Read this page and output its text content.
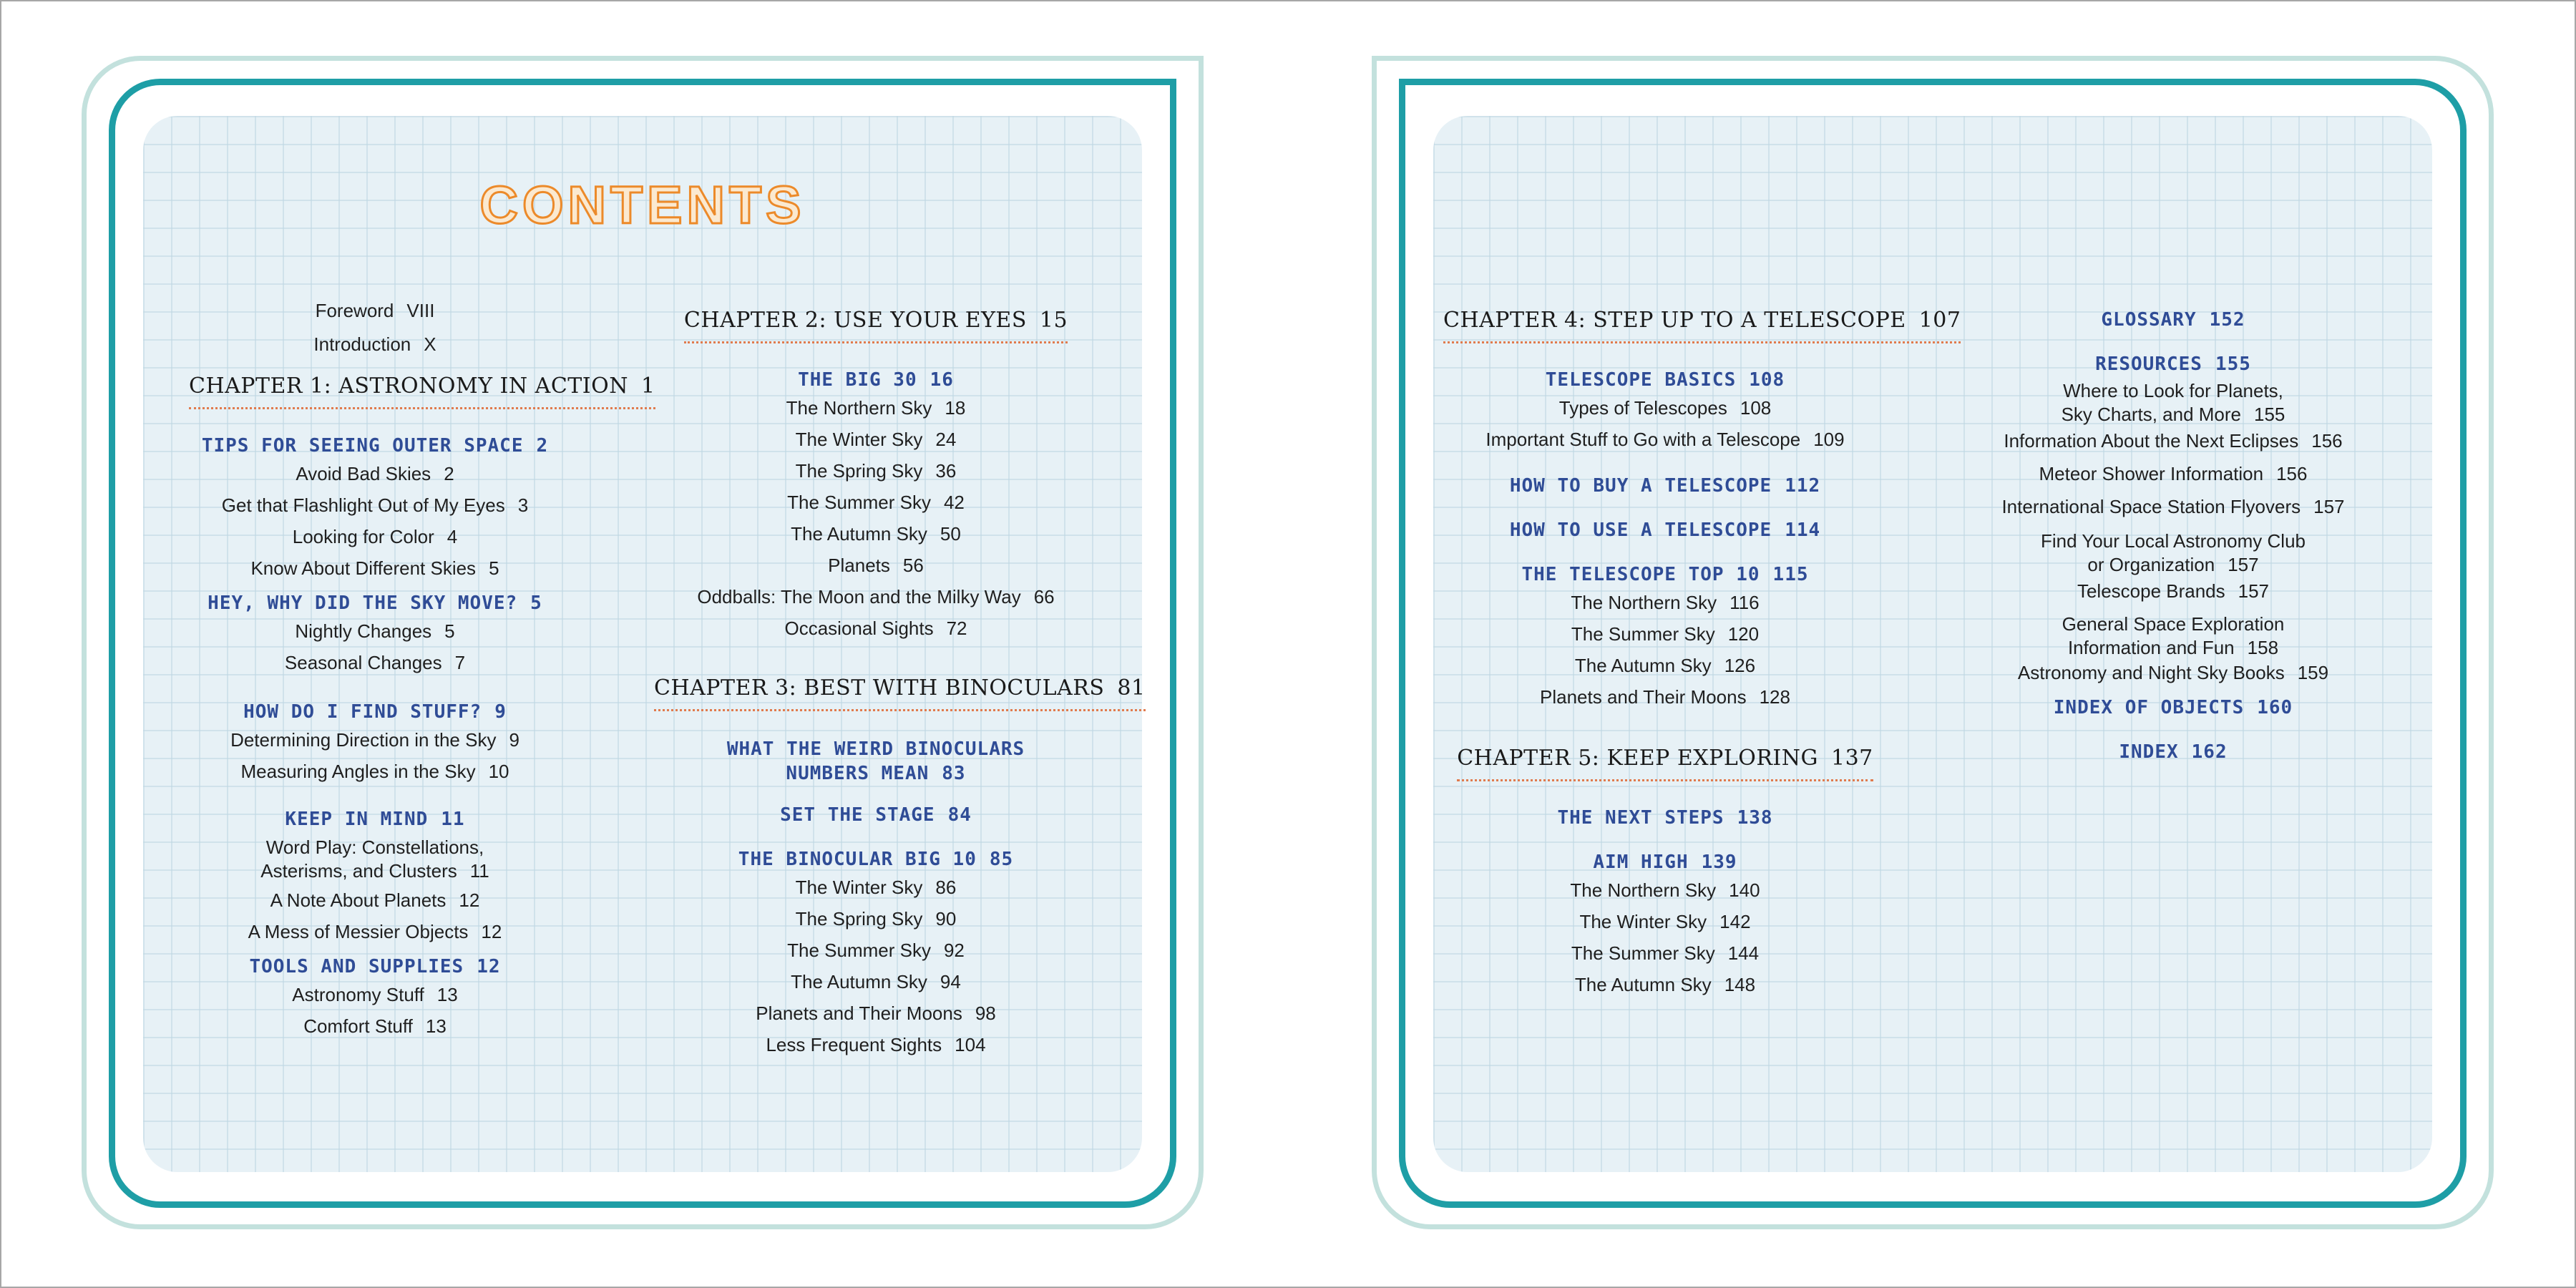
CONTENTS
Foreword VIII
Introduction X
CHAPTER 1: ASTRONOMY IN ACTION 1
TIPS FOR SEEING OUTER SPACE 2
Avoid Bad Skies 2
Get that Flashlight Out of My Eyes 3
Looking for Color 4
Know About Different Skies 5
HEY, WHY DID THE SKY MOVE? 5
Nightly Changes 5
Seasonal Changes 7
HOW DO I FIND STUFF? 9
Determining Direction in the Sky 9
Measuring Angles in the Sky 10
KEEP IN MIND 11
Word Play: Constellations,
Asterisms, and Clusters 11
A Note About Planets 12
A Mess of Messier Objects 12
TOOLS AND SUPPLIES 12
Astronomy Stuff 13
Comfort Stuff 13
CHAPTER 2: USE YOUR EYES 15
THE BIG 30 16
The Northern Sky 18
The Winter Sky 24
The Spring Sky 36
The Summer Sky 42
The Autumn Sky 50
Planets 56
Oddballs: The Moon and the Milky Way 66
Occasional Sights 72
CHAPTER 3: BEST WITH BINOCULARS 81
WHAT THE WEIRD BINOCULARS
NUMBERS MEAN 83
SET THE STAGE 84
THE BINOCULAR BIG 10 85
The Winter Sky 86
The Spring Sky 90
The Summer Sky 92
The Autumn Sky 94
Planets and Their Moons 98
Less Frequent Sights 104
CHAPTER 4: STEP UP TO A TELESCOPE 107
TELESCOPE BASICS 108
Types of Telescopes 108
Important Stuff to Go with a Telescope 109
HOW TO BUY A TELESCOPE 112
HOW TO USE A TELESCOPE 114
THE TELESCOPE TOP 10 115
The Northern Sky 116
The Summer Sky 120
The Autumn Sky 126
Planets and Their Moons 128
CHAPTER 5: KEEP EXPLORING 137
THE NEXT STEPS 138
AIM HIGH 139
The Northern Sky 140
The Winter Sky 142
The Summer Sky 144
The Autumn Sky 148
GLOSSARY 152
RESOURCES 155
Where to Look for Planets,
Sky Charts, and More 155
Information About the Next Eclipses 156
Meteor Shower Information 156
International Space Station Flyovers 157
Find Your Local Astronomy Club
or Organization 157
Telescope Brands 157
General Space Exploration
Information and Fun 158
Astronomy and Night Sky Books 159
INDEX OF OBJECTS 160
INDEX 162
